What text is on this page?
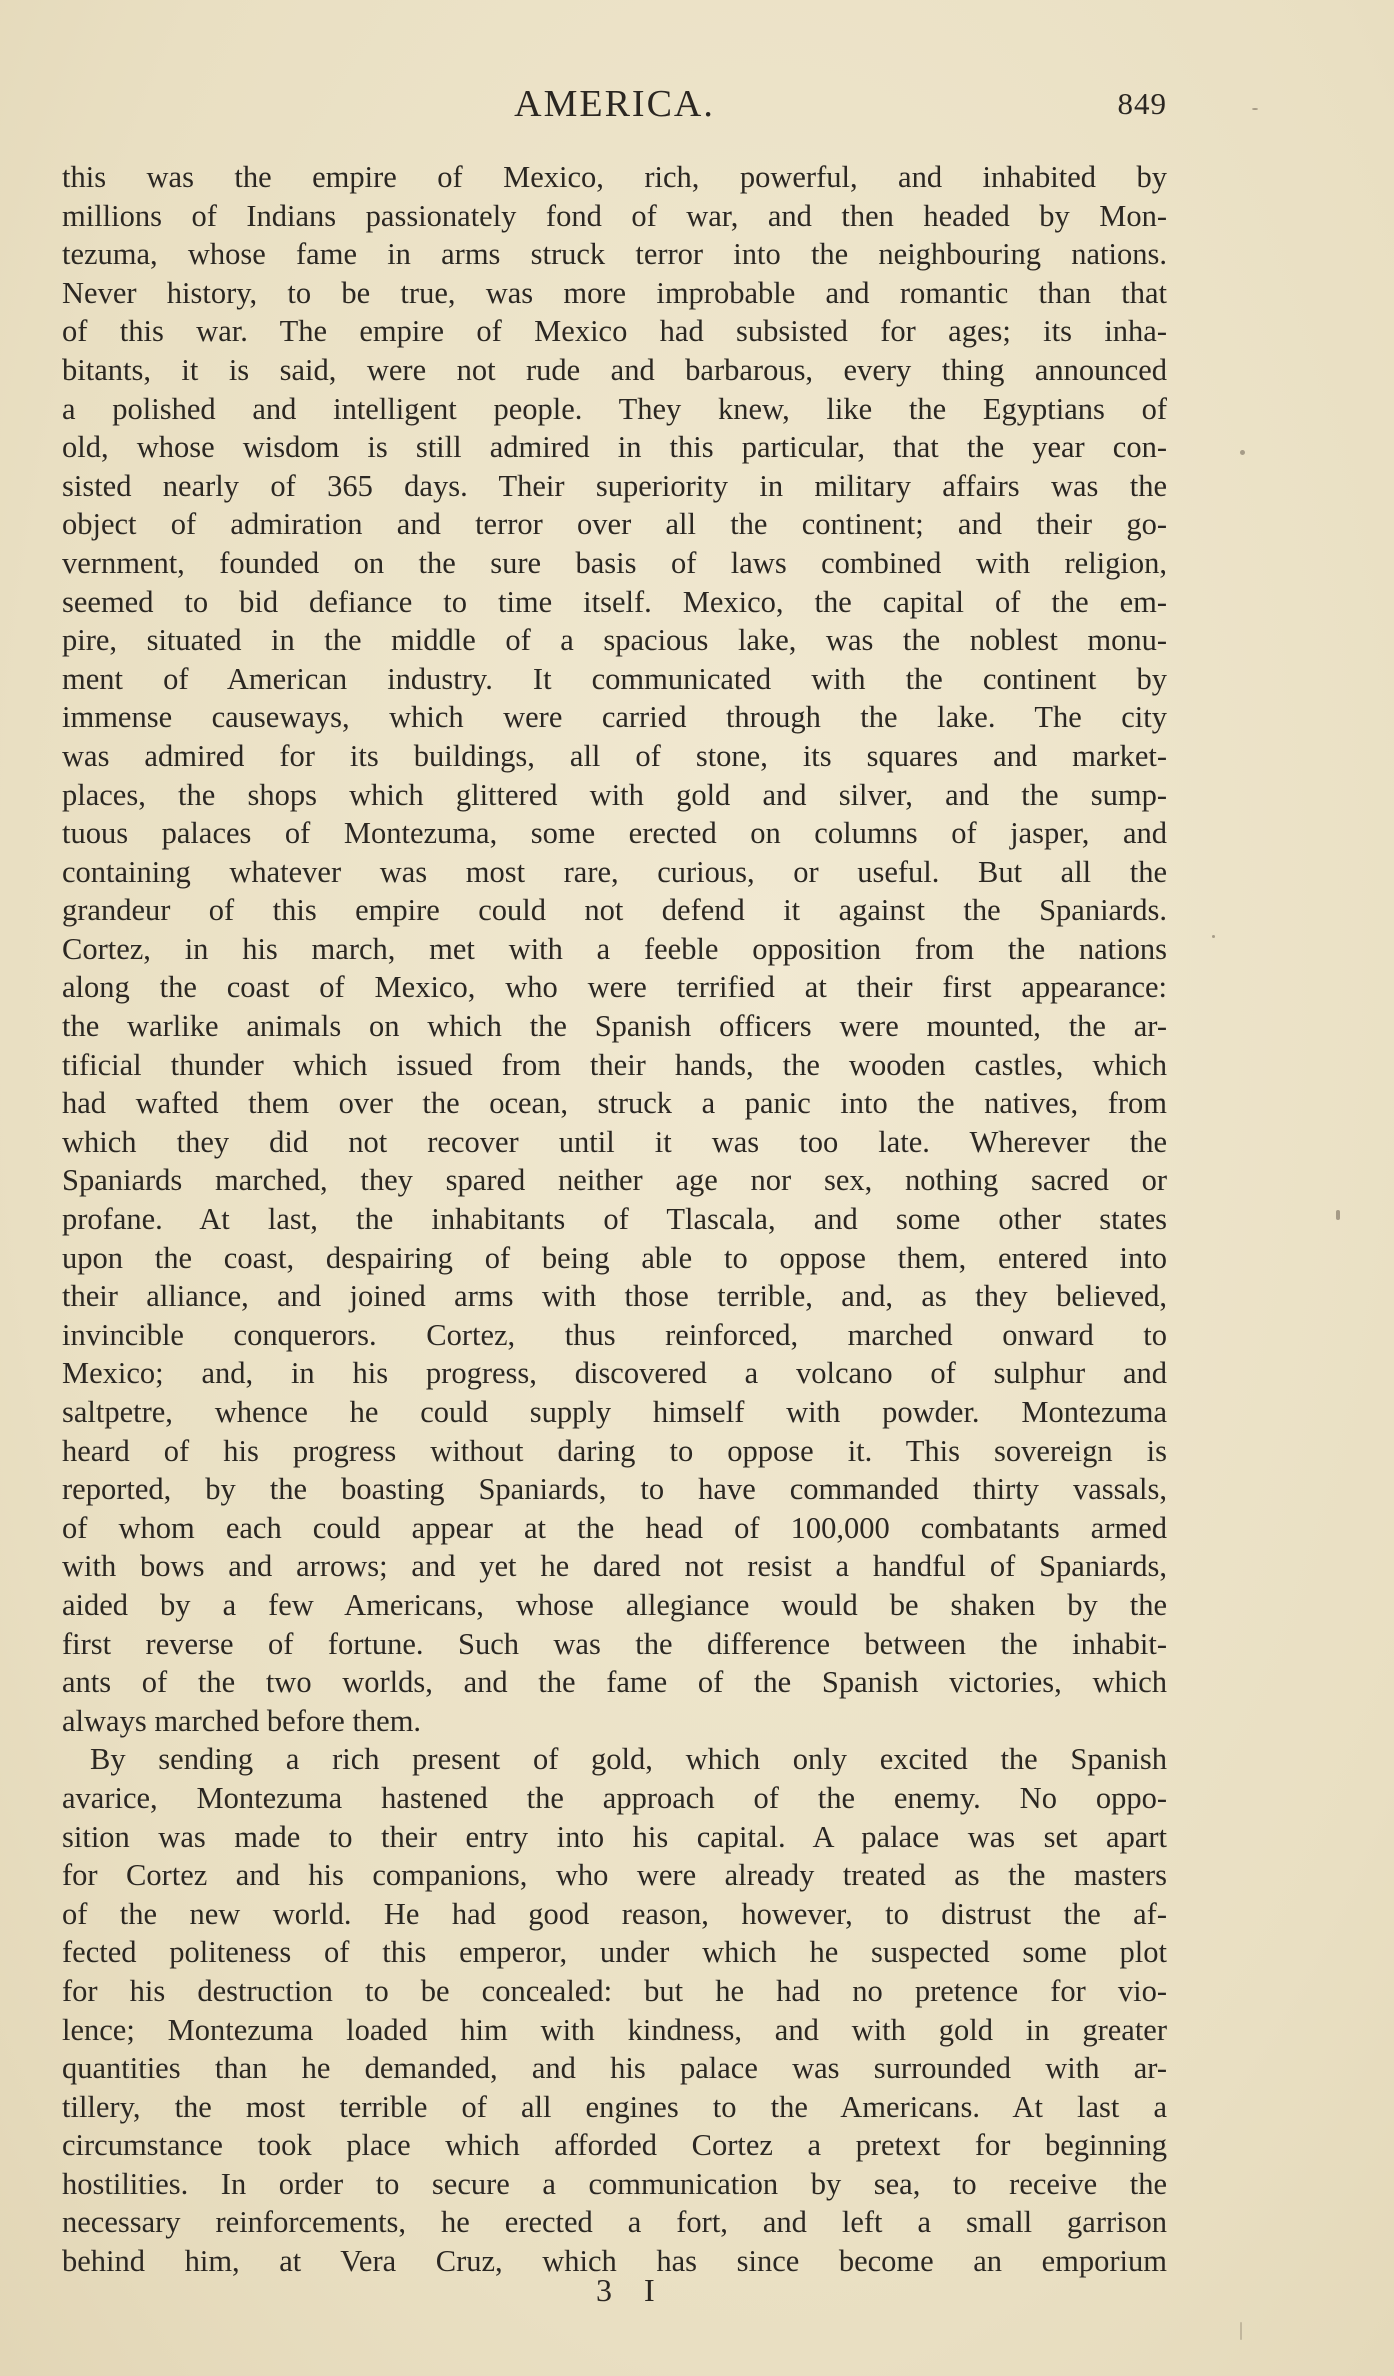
AMERICA.	849
this was the empire of Mexico, rich, powerful, and inhabited by
millions of Indians passionately fond of war, and then headed by Mon-
tezuma, whose fame in arms struck terror into the neighbouring nations.
Never history, to be true, was more improbable and romantic than that
of this war. The empire of Mexico had subsisted for ages; its inha-
bitants, it is said, were not rude and barbarous, every thing announced
a polished and intelligent people. They knew, like the Egyptians of
old, whose wisdom is still admired in this particular, that the year con-
sisted nearly of 365 days. Their superiority in military affairs was the
object of admiration and terror over all the continent; and their go-
vernment, founded on the sure basis of laws combined with religion,
seemed to bid defiance to time itself. Mexico, the capital of the em-
pire, situated in the middle of a spacious lake, was the noblest monu-
ment of American industry. It communicated with the continent by
immense causeways, which were carried through the lake. The city
was admired for its buildings, all of stone, its squares and market-
places, the shops which glittered with gold and silver, and the sump-
tuous palaces of Montezuma, some erected on columns of jasper, and
containing whatever was most rare, curious, or useful. But all the
grandeur of this empire could not defend it against the Spaniards.
Cortez, in his march, met with a feeble opposition from the nations
along the coast of Mexico, who were terrified at their first appearance:
the warlike animals on which the Spanish officers were mounted, the ar-
tificial thunder which issued from their hands, the wooden castles, which
had wafted them over the ocean, struck a panic into the natives, from
which they did not recover until it was too late. Wherever the
Spaniards marched, they spared neither age nor sex, nothing sacred or
profane. At last, the inhabitants of Tlascala, and some other states
upon the coast, despairing of being able to oppose them, entered into
their alliance, and joined arms with those terrible, and, as they believed,
invincible conquerors. Cortez, thus reinforced, marched onward to
Mexico; and, in his progress, discovered a volcano of sulphur and
saltpetre, whence he could supply himself with powder. Montezuma
heard of his progress without daring to oppose it. This sovereign is
reported, by the boasting Spaniards, to have commanded thirty vassals,
of whom each could appear at the head of 100,000 combatants armed
with bows and arrows; and yet he dared not resist a handful of Spaniards,
aided by a few Americans, whose allegiance would be shaken by the
first reverse of fortune. Such was the difference between the inhabit-
ants of the two worlds, and the fame of the Spanish victories, which
always marched before them.
By sending a rich present of gold, which only excited the Spanish
avarice, Montezuma hastened the approach of the enemy. No oppo-
sition was made to their entry into his capital. A palace was set apart
for Cortez and his companions, who were already treated as the masters
of the new world. He had good reason, however, to distrust the af-
fected politeness of this emperor, under which he suspected some plot
for his destruction to be concealed: but he had no pretence for vio-
lence; Montezuma loaded him with kindness, and with gold in greater
quantities than he demanded, and his palace was surrounded with ar-
tillery, the most terrible of all engines to the Americans. At last a
circumstance took place which afforded Cortez a pretext for beginning
hostilities. In order to secure a communication by sea, to receive the
necessary reinforcements, he erected a fort, and left a small garrison
behind him, at Vera Cruz, which has since become an emporium
3 I
